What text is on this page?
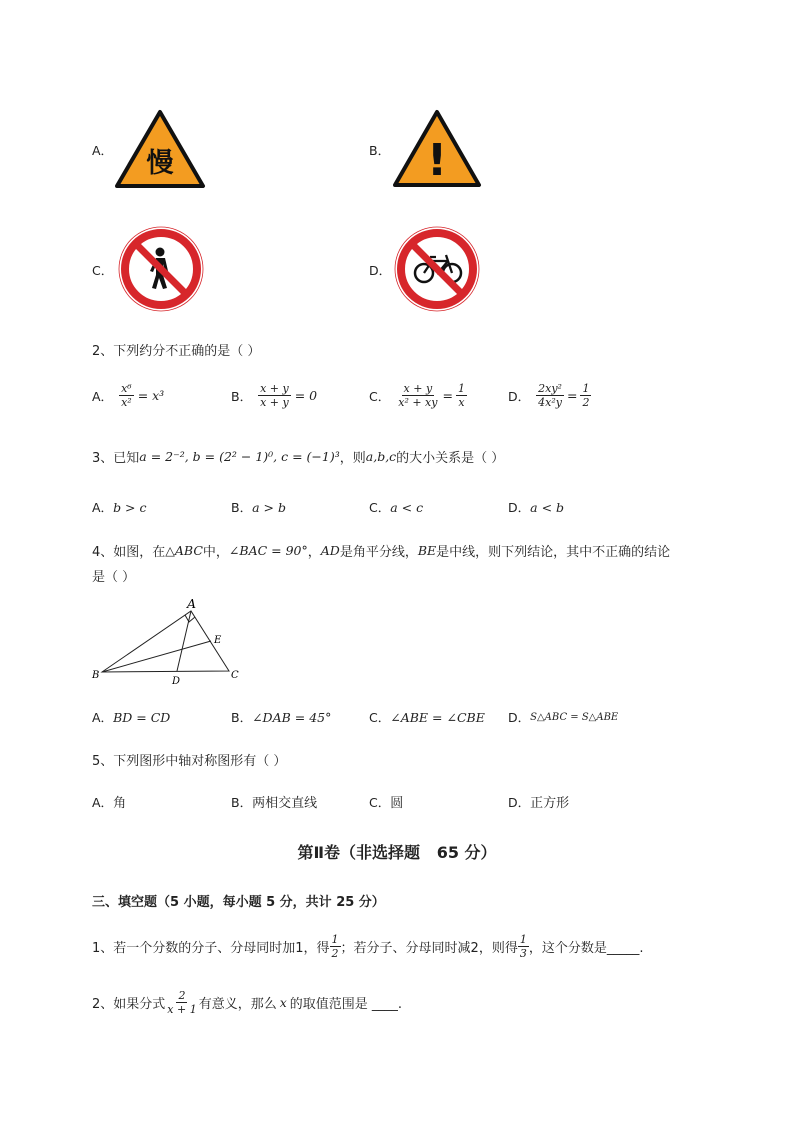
A． 慢	B． !
C．	D．
2、下列约分不正确的是（ ）
A． $\frac{\text{x⁶}}{\text{x²}} = x^3$	B． $\frac{x + y}{x + y} = 0$	C． $\frac{x + y}{\text{x² + xy}} = \frac{1}{x}$	D． $\frac{\text{2xy²}}{\text{4x²y}} = \frac{1}{2}$
3、已知 a = 2⁻², b = (2² − 1)⁰, c = (−1)³ ，则 a,b,c 的大小关系是（ ）
A． b > c	B． a > b	C． a < c	D． a < b
4、如图，在 △ABC 中， ∠BAC = 90° ， AD 是角平分线， BE 是中线，则下列结论，其中不正确的结论
是（ ）
A
B	C
D
E
A． BD = CD	B． ∠DAB = 45°	C． ∠ABE = ∠CBE D． S△ABC = S△ABE
5、下列图形中轴对称图形有（ ）
A． 角	B． 两相交直线	C． 圆	D． 正方形
第Ⅱ卷（非选择题   65 分）
三、填空题（5 小题，每小题 5 分，共计 25 分）
1、若一个分数的分子、分母同时加1，得 $\frac{1}{2}$ ；若分子、分母同时减2，则得 $\frac{1}{3}$ ，这个分数是_____.
2、如果分式 $\frac{2}{x + 1}$ 有意义，那么 x 的取值范围是 ____.
